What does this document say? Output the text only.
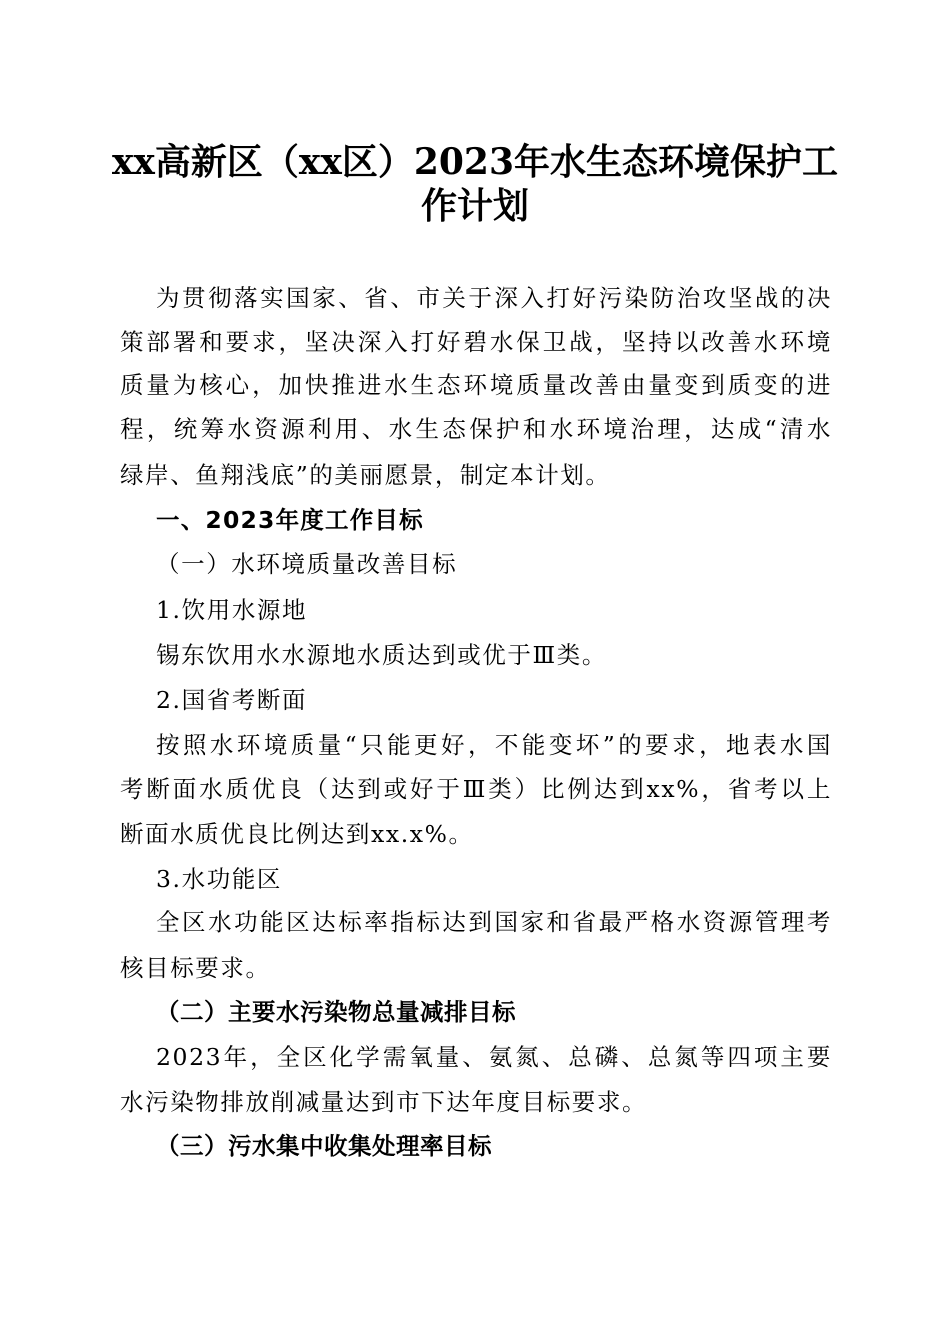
xx高新区（xx区）2023年水生态环境保护工
作计划
为贯彻落实国家、省、市关于深入打好污染防治攻坚战的决
策部署和要求，坚决深入打好碧水保卫战，坚持以改善水环境
质量为核心，加快推进水生态环境质量改善由量变到质变的进
程，统筹水资源利用、水生态保护和水环境治理，达成“清水
绿岸、鱼翔浅底”的美丽愿景，制定本计划。
一、2023年度工作目标
（一）水环境质量改善目标
1.饮用水源地
锡东饮用水水源地水质达到或优于Ⅲ类。
2.国省考断面
按照水环境质量“只能更好，不能变坏”的要求，地表水国
考断面水质优良（达到或好于Ⅲ类）比例达到xx%，省考以上
断面水质优良比例达到xx.x%。
3.水功能区
全区水功能区达标率指标达到国家和省最严格水资源管理考
核目标要求。
（二）主要水污染物总量减排目标
2023年，全区化学需氧量、氨氮、总磷、总氮等四项主要
水污染物排放削减量达到市下达年度目标要求。
（三）污水集中收集处理率目标
